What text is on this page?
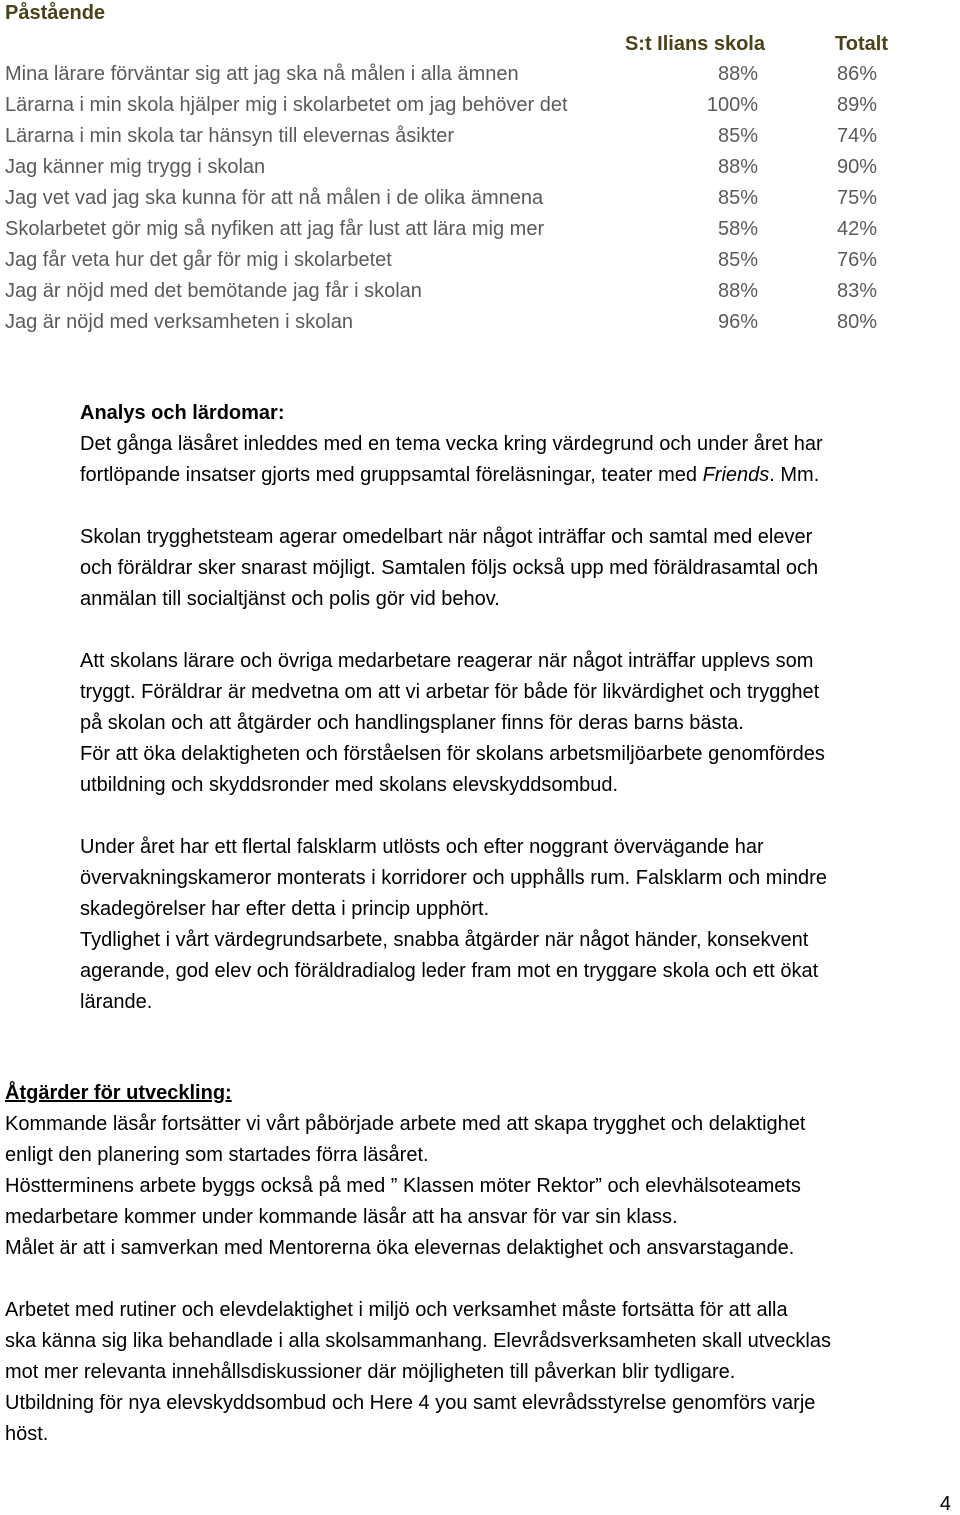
Påstående
S:t Ilians skola	Totalt
Mina lärare förväntar sig att jag ska nå målen i alla ämnen	88%	86%
Lärarna i min skola hjälper mig i skolarbetet om jag behöver det	100%	89%
Lärarna i min skola tar hänsyn till elevernas åsikter	85%	74%
Jag känner mig trygg i skolan	88%	90%
Jag vet vad jag ska kunna för att nå målen i de olika ämnena	85%	75%
Skolarbetet gör mig så nyfiken att jag får lust att lära mig mer	58%	42%
Jag får veta hur det går för mig i skolarbetet	85%	76%
Jag är nöjd med det bemötande jag får i skolan	88%	83%
Jag är nöjd med verksamheten i skolan	96%	80%
Analys och lärdomar:
Det gånga läsåret inleddes med en tema vecka kring värdegrund och under året har
fortlöpande insatser gjorts med gruppsamtal föreläsningar, teater med Friends. Mm.
Skolan trygghetsteam agerar omedelbart när något inträffar och samtal med elever
och föräldrar sker snarast möjligt. Samtalen följs också upp med föräldrasamtal och
anmälan till socialtjänst och polis gör vid behov.
Att skolans lärare och övriga medarbetare reagerar när något inträffar upplevs som
tryggt. Föräldrar är medvetna om att vi arbetar för både för likvärdighet och trygghet
på skolan och att åtgärder och handlingsplaner finns för deras barns bästa.
För att öka delaktigheten och förståelsen för skolans arbetsmiljöarbete genomfördes
utbildning och skyddsronder med skolans elevskyddsombud.
Under året har ett flertal falsklarm utlösts och efter noggrant övervägande har
övervakningskameror monterats i korridorer och upphålls rum. Falsklarm och mindre
skadegörelser har efter detta i princip upphört.
Tydlighet i vårt värdegrundsarbete, snabba åtgärder när något händer, konsekvent
agerande, god elev och föräldradialog leder fram mot en tryggare skola och ett ökat
lärande.
Åtgärder för utveckling:
Kommande läsår fortsätter vi vårt påbörjade arbete med att skapa trygghet och delaktighet
enligt den planering som startades förra läsåret.
Höstterminens arbete byggs också på med ” Klassen möter Rektor” och elevhälsoteamets
medarbetare kommer under kommande läsår att ha ansvar för var sin klass.
Målet är att i samverkan med Mentorerna öka elevernas delaktighet och ansvarstagande.
Arbetet med rutiner och elevdelaktighet i miljö och verksamhet måste fortsätta för att alla
ska känna sig lika behandlade i alla skolsammanhang. Elevrådsverksamheten skall utvecklas
mot mer relevanta innehållsdiskussioner där möjligheten till påverkan blir tydligare.
Utbildning för nya elevskyddsombud och Here 4 you samt elevrådsstyrelse genomförs varje
höst.
4
